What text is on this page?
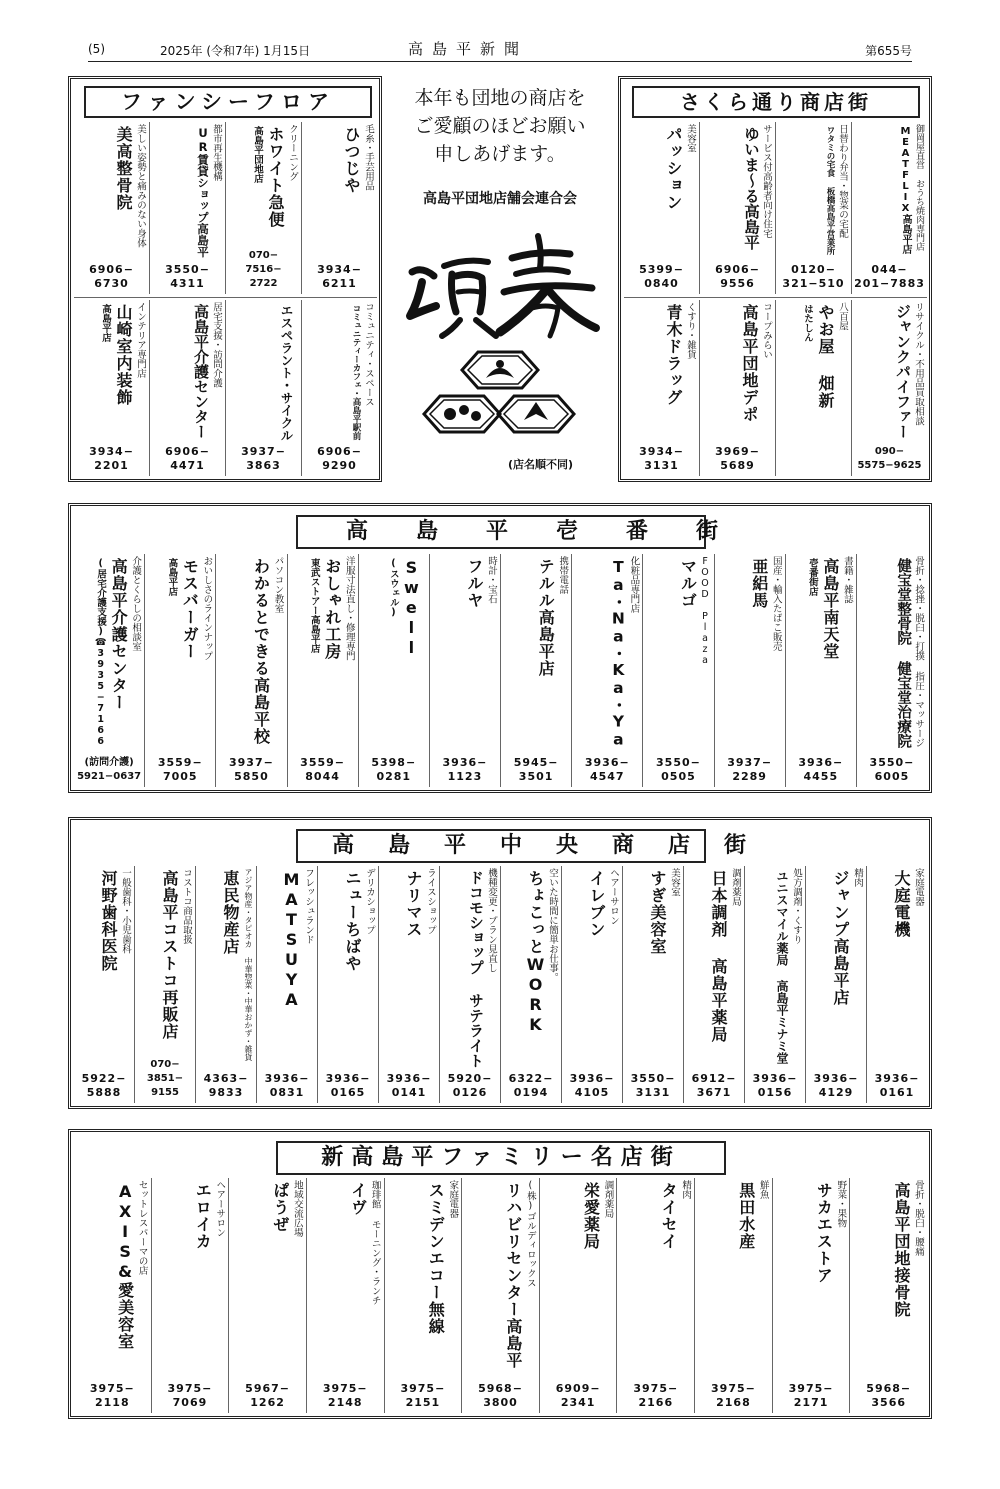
(5)	2025年 (令和7年) 1月15日	高島平新聞	第655号
ファンシーフロア
美しい姿勢と痛みのない身体
美高整骨院
6906−
6730
都市再生機構
UR賃貸ショップ高島平
3550−
4311
クリーニング
ホワイト急便
高島平団地店
070−
7516−
2722
毛糸・手芸用品
ひつじや
3934−
6211
インテリア専門店
山崎室内装飾
高島平店
3934−
2201
居宅支援・訪問介護
高島平介護センター
6906−
4471
エスペラント・サイクル
3937−
3863
コミュニティ・スペース
コミュニティーカフェ・高島平駅前
6906−
9290
本年も団地の商店を
ご愛顧のほどお願い
申しあげます。
高島平団地店舗会連合会
(店名順不同)
さくら通り商店街
美容室
パッション
5399−
0840
サービス付高齢者向け住宅
ゆいま〜る高島平
6906−
9556
日替わり弁当・惣菜の宅配
ワタミの宅食 板橋高島平営業所
0120−
321−510
御岡屋直営 おうち焼肉専門店
MEATFLIX高島平店
044−
201−7883
くすり・雑貨
青木ドラッグ
3934−
3131
コープみらい
高島平団地デポ
3969−
5689
八百屋
やお屋 畑新
はたしん	リサイクル・不用品買取相談
ジャンクパイファー
090−
5575−9625
高島平壱番街
介護とくらしの相談室
高島平介護センター
(居宅介護支援)☎3935−7166
(訪問介護)
5921−0637
おいしさのラインナップ
モスバーガー
高島平店
3559−
7005
パソコン教室
わかるとできる高島平校
3937−
5850
洋服寸法直し・修理専門
おしゃれ工房
東武ストアー高島平店
3559−
8044
Swell
(スウェル)
5398−
0281
時計・宝石
フルヤ
3936−
1123
携帯電話
テルル高島平店
5945−
3501
化粧品専門店
Ta・Na・Ka・Ya
3936−
4547
FOOD Plaza
マルゴ
3550−
0505
国産・輸入たばこ販売
亜絽馬
3937−
2289
書籍・雑誌
高島平南天堂
壱番街店
3936−
4455
骨折・捻挫・脱臼・打撲 指圧・マッサージ
健宝堂整骨院 健宝堂治療院
3550−
6005
高島平中央商店街
一般歯科・小児歯科
河野歯科医院
5922−
5888
コストコ商品取扱
高島平コストコ再販店
070−
3851−
9155
アジア物産・タピオカ 中華惣菜・中華おかず・雑貨
恵民物産店
4363−
9833
フレッシュランド
MATSUYA
3936−
0831
デリカショップ
ニューちばや
3936−
0165
ライスショップ
ナリマス
3936−
0141
機種変更・プラン見直し
ドコモショップ サテライト
5920−
0126
空いた時間に簡単お仕事。
ちょこっとWORK
6322−
0194
ヘアーサロン
イレブン
3936−
4105
美容室
すぎ美容室
3550−
3131
調剤薬局
日本調剤 高島平薬局
6912−
3671
処方調剤・くすり
ユニスマイル薬局 高島平ミナミ堂
3936−
0156
精肉
ジャンプ高島平店
3936−
4129
家庭電器
大庭電機
3936−
0161
新高島平ファミリー名店街
セットレスパーマの店
AXIS&愛美容室
3975−
2118
ヘアーサロン
エロイカ
3975−
7069
地域交流広場
ぱうぜ
5967−
1262
珈琲館 モーニング・ランチ
イヴ
3975−
2148
家庭電器
スミデンエコー無線
3975−
2151
(株)ゴルディロックス
リハビリセンター高島平
5968−
3800
調剤薬局
栄愛薬局
6909−
2341
精肉
タイセイ
3975−
2166
鮮魚
黒田水産
3975−
2168
野菜・果物
サカエストア
3975−
2171
骨折・脱臼・腰痛
高島平団地接骨院
5968−
3566
